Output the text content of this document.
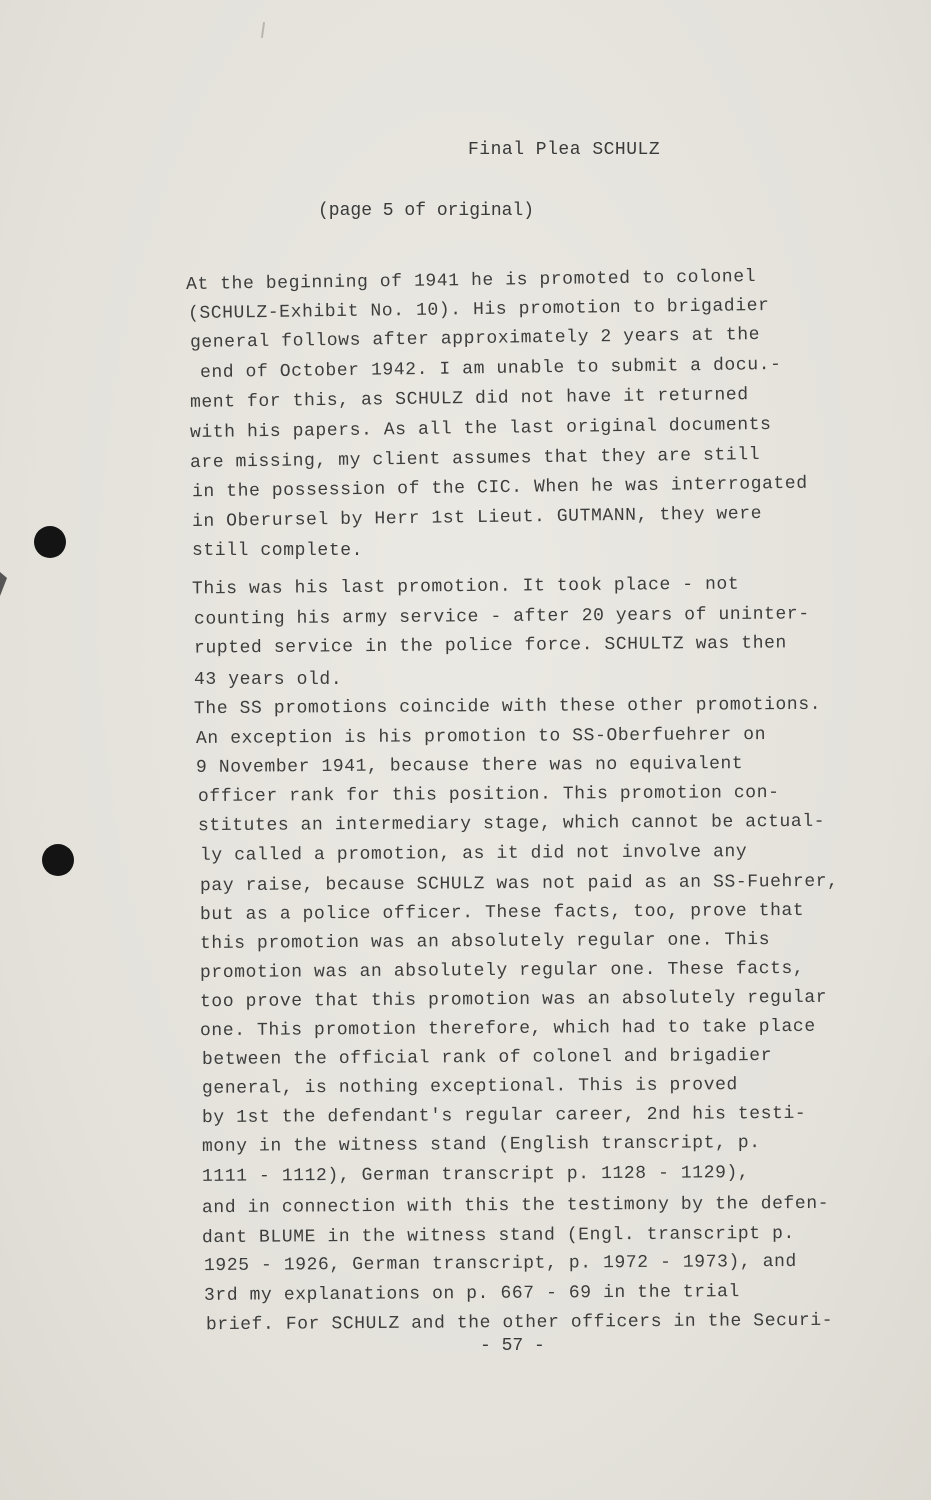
Final Plea SCHULZ
(page 5 of original)
At the beginning of 1941 he is promoted to colonel
(SCHULZ-Exhibit No. 10). His promotion to brigadier
general follows after approximately 2 years at the
end of October 1942. I am unable to submit a docu.-
ment for this, as SCHULZ did not have it returned
with his papers. As all the last original documents
are missing, my client assumes that they are still
in the possession of the CIC. When he was interrogated
in Oberursel by Herr 1st Lieut. GUTMANN, they were
still complete.
This was his last promotion. It took place - not
counting his army service - after 20 years of uninter-
rupted service in the police force. SCHULTZ was then
43 years old.
The SS promotions coincide with these other promotions.
An exception is his promotion to SS-Oberfuehrer on
9 November 1941, because there was no equivalent
officer rank for this position. This promotion con-
stitutes an intermediary stage, which cannot be actual-
ly called a promotion, as it did not involve any
pay raise, because SCHULZ was not paid as an SS-Fuehrer,
but as a police officer. These facts, too, prove that
this promotion was an absolutely regular one. This
promotion was an absolutely regular one. These facts,
too prove that this promotion was an absolutely regular
one. This promotion therefore, which had to take place
between the official rank of colonel and brigadier
general, is nothing exceptional. This is proved
by 1st the defendant's regular career, 2nd his testi-
mony in the witness stand (English transcript, p.
1111 - 1112), German transcript p. 1128 - 1129),
and in connection with this the testimony by the defen-
dant BLUME in the witness stand (Engl. transcript p.
1925 - 1926, German transcript, p. 1972 - 1973), and
3rd my explanations on p. 667 - 69 in the trial
brief. For SCHULZ and the other officers in the Securi-
- 57 -
